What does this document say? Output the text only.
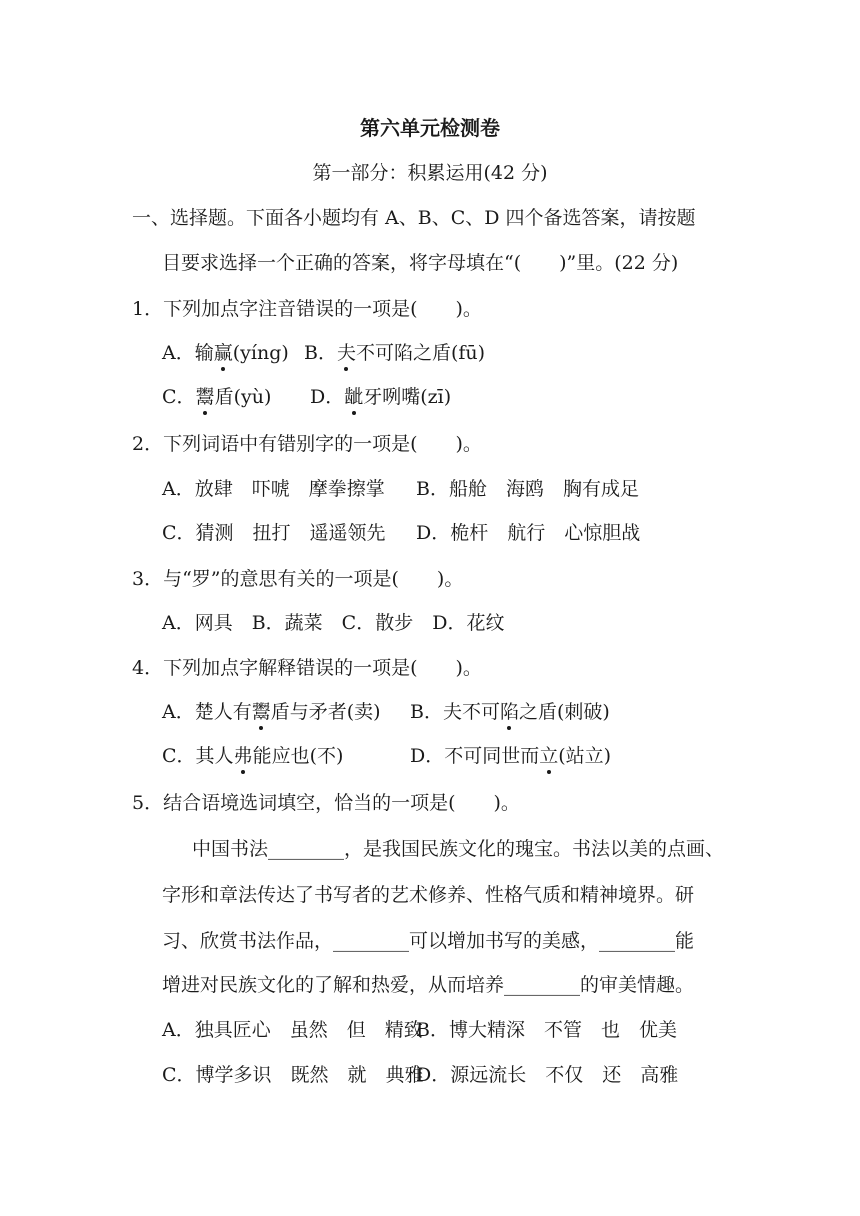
第六单元检测卷
第一部分：积累运用(42 分)
一、选择题。下面各小题均有 A、B、C、D 四个备选答案，请按题
目要求选择一个正确的答案，将字母填在“(　　)”里。(22 分)
1．下列加点字注音错误的一项是(　　)。
A．输赢(yíng) B．夫不可陷之盾(fū)
C．鬻盾(yù) D．龇牙咧嘴(zī)
2．下列词语中有错别字的一项是(　　)。
A．放肆　吓唬　摩拳擦掌 B．船舱　海鸥　胸有成足
C．猜测　扭打　遥遥领先 D．桅杆　航行　心惊胆战
3．与“罗”的意思有关的一项是(　　)。
A．网具　B．蔬菜　C．散步　D．花纹
4．下列加点字解释错误的一项是(　　)。
A．楚人有鬻盾与矛者(卖) B．夫不可陷之盾(刺破)
C．其人弗能应也(不)	D．不可同世而立(站立)
5．结合语境选词填空，恰当的一项是(　　)。
中国书法________，是我国民族文化的瑰宝。书法以美的点画、
字形和章法传达了书写者的艺术修养、性格气质和精神境界。研
习、欣赏书法作品，________可以增加书写的美感，________能
增进对民族文化的了解和热爱，从而培养________的审美情趣。
A．独具匠心　虽然　但　精致
B．博大精深　不管　也　优美
C．博学多识　既然　就　典雅
D．源远流长　不仅　还　高雅
